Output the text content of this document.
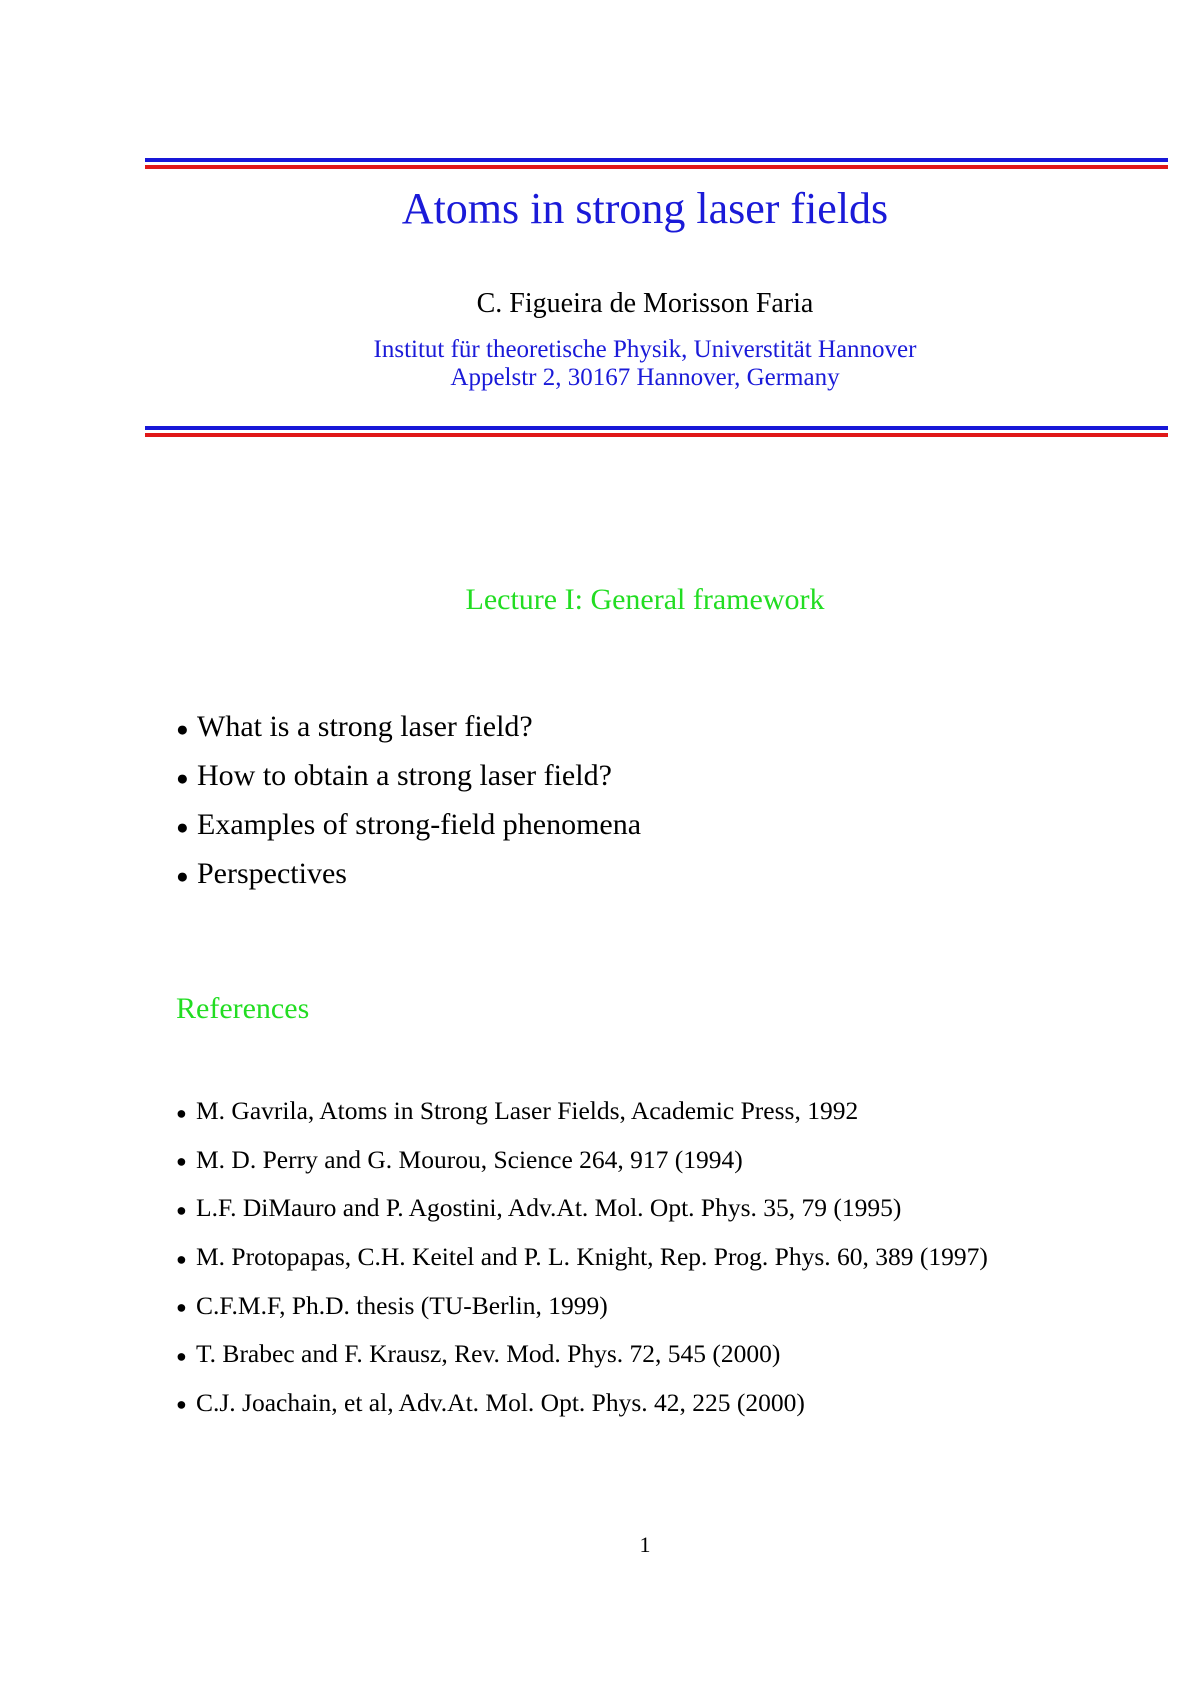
Atoms in strong laser fields
C. Figueira de Morisson Faria
Institut für theoretische Physik, Universtität Hannover
Appelstr 2, 30167 Hannover, Germany
Lecture I: General framework
● What is a strong laser field?
● How to obtain a strong laser field?
● Examples of strong-field phenomena
● Perspectives
References
● M. Gavrila, Atoms in Strong Laser Fields, Academic Press, 1992
● M. D. Perry and G. Mourou, Science 264, 917 (1994)
● L.F. DiMauro and P. Agostini, Adv.At. Mol. Opt. Phys. 35, 79 (1995)
● M. Protopapas, C.H. Keitel and P. L. Knight, Rep. Prog. Phys. 60, 389 (1997)
● C.F.M.F, Ph.D. thesis (TU-Berlin, 1999)
● T. Brabec and F. Krausz, Rev. Mod. Phys. 72, 545 (2000)
● C.J. Joachain, et al, Adv.At. Mol. Opt. Phys. 42, 225 (2000)
1
